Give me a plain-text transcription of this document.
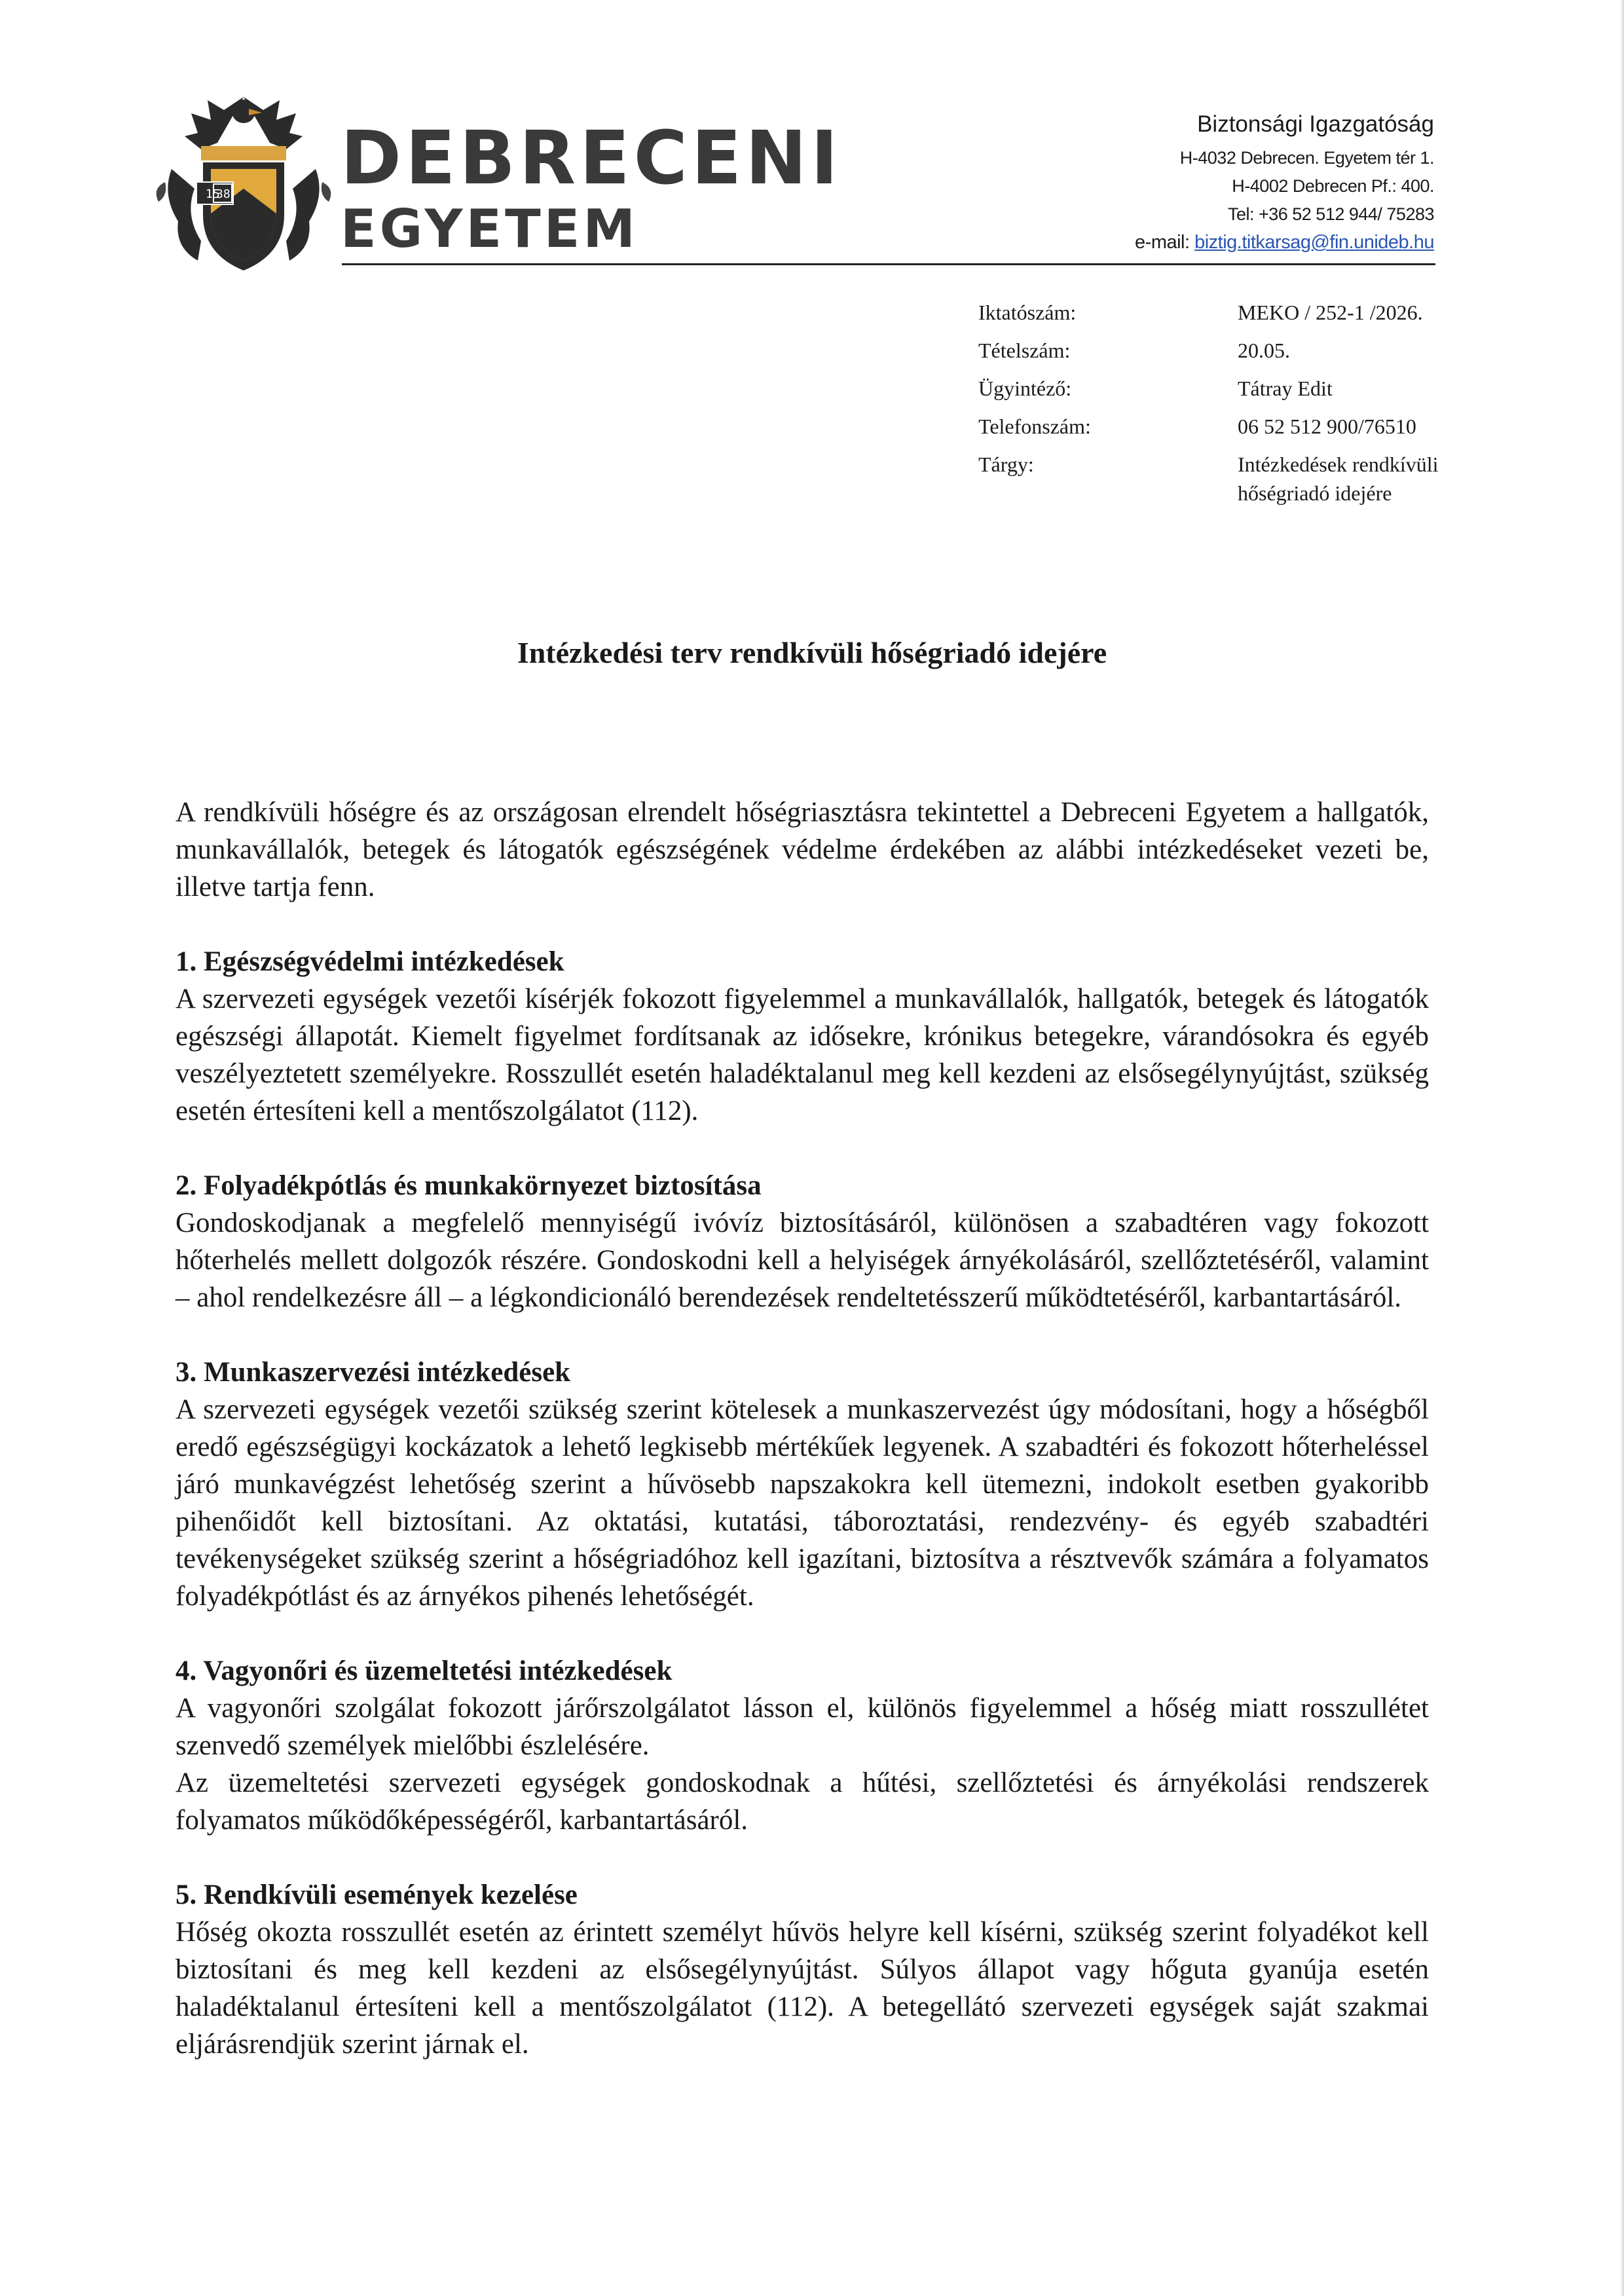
15
38 DEBRECENI
EGYETEM
Biztonsági Igazgatóság
H-4032 Debrecen. Egyetem tér 1.
H-4002 Debrecen Pf.: 400.
Tel: +36 52 512 944/ 75283
e-mail: biztig.titkarsag@fin.unideb.hu
Iktatószám:	MEKO / 252-1 /2026.
Tételszám:	20.05.
Ügyintéző:	Tátray Edit
Telefonszám:	06 52 512 900/76510
Tárgy:	Intézkedések rendkívüli hőségriadó idejére
Intézkedési terv rendkívüli hőségriadó idejére

A rendkívüli hőségre és az országosan elrendelt hőségriasztásra tekintettel a Debreceni Egyetem a hallgatók, munkavállalók, betegek és látogatók egészségének védelme érdekében az alábbi intézkedéseket vezeti be, illetve tartja fenn.

1. Egészségvédelmi intézkedések

A szervezeti egységek vezetői kísérjék fokozott figyelemmel a munkavállalók, hallgatók, betegek és látogatók egészségi állapotát. Kiemelt figyelmet fordítsanak az idősekre, krónikus betegekre, várandósokra és egyéb veszélyeztetett személyekre. Rosszullét esetén haladéktalanul meg kell kezdeni az elsősegélynyújtást, szükség esetén értesíteni kell a mentőszolgálatot (112).

2. Folyadékpótlás és munkakörnyezet biztosítása

Gondoskodjanak a megfelelő mennyiségű ivóvíz biztosításáról, különösen a szabadtéren vagy fokozott hőterhelés mellett dolgozók részére. Gondoskodni kell a helyiségek árnyékolásáról, szellőztetéséről, valamint – ahol rendelkezésre áll – a légkondicionáló berendezések rendeltetésszerű működtetéséről, karbantartásáról.

3. Munkaszervezési intézkedések

A szervezeti egységek vezetői szükség szerint kötelesek a munkaszervezést úgy módosítani, hogy a hőségből eredő egészségügyi kockázatok a lehető legkisebb mértékűek legyenek. A szabadtéri és fokozott hőterheléssel járó munkavégzést lehetőség szerint a hűvösebb napszakokra kell ütemezni, indokolt esetben gyakoribb pihenőidőt kell biztosítani. Az oktatási, kutatási, táboroztatási, rendezvény- és egyéb szabadtéri tevékenységeket szükség szerint a hőségriadóhoz kell igazítani, biztosítva a résztvevők számára a folyamatos folyadékpótlást és az árnyékos pihenés lehetőségét.

4. Vagyonőri és üzemeltetési intézkedések

A vagyonőri szolgálat fokozott járőrszolgálatot lásson el, különös figyelemmel a hőség miatt rosszullétet szenvedő személyek mielőbbi észlelésére.

Az üzemeltetési szervezeti egységek gondoskodnak a hűtési, szellőztetési és árnyékolási rendszerek folyamatos működőképességéről, karbantartásáról.

5. Rendkívüli események kezelése

Hőség okozta rosszullét esetén az érintett személyt hűvös helyre kell kísérni, szükség szerint folyadékot kell biztosítani és meg kell kezdeni az elsősegélynyújtást. Súlyos állapot vagy hőguta gyanúja esetén haladéktalanul értesíteni kell a mentőszolgálatot (112). A betegellátó szervezeti egységek saját szakmai eljárásrendjük szerint járnak el.
